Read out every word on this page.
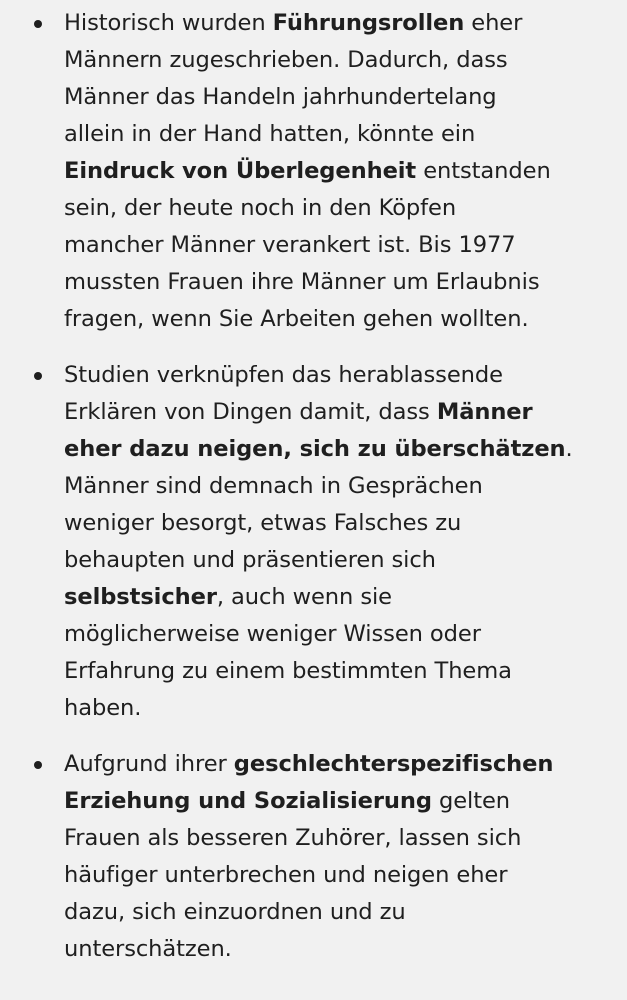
Historisch wurden Führungsrollen eher
Männern zugeschrieben. Dadurch, dass
Männer das Handeln jahrhundertelang
allein in der Hand hatten, könnte ein
Eindruck von Überlegenheit entstanden
sein, der heute noch in den Köpfen
mancher Männer verankert ist. Bis 1977
mussten Frauen ihre Männer um Erlaubnis
fragen, wenn Sie Arbeiten gehen wollten.
Studien verknüpfen das herablassende
Erklären von Dingen damit, dass Männer
eher dazu neigen, sich zu überschätzen.
Männer sind demnach in Gesprächen
weniger besorgt, etwas Falsches zu
behaupten und präsentieren sich
selbstsicher, auch wenn sie
möglicherweise weniger Wissen oder
Erfahrung zu einem bestimmten Thema
haben.
Aufgrund ihrer geschlechterspezifischen
Erziehung und Sozialisierung gelten
Frauen als besseren Zuhörer, lassen sich
häufiger unterbrechen und neigen eher
dazu, sich einzuordnen und zu
unterschätzen.
